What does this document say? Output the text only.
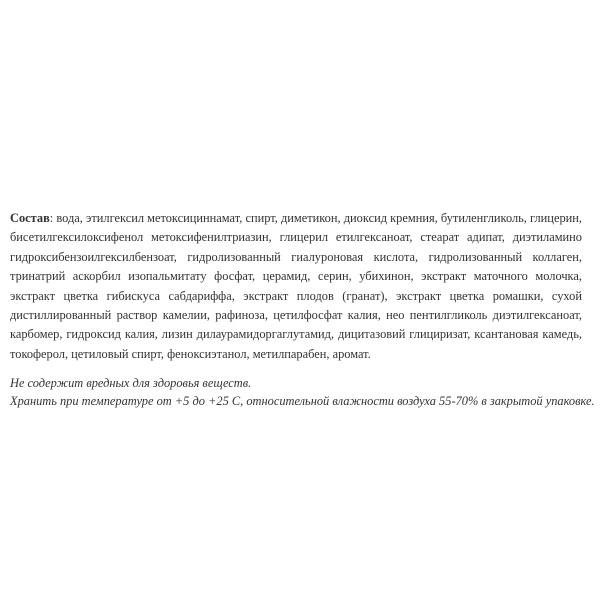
Состав: вода, этилгексил метоксициннамат, спирт, диметикон, диоксид кремния, бутиленгликоль, глицерин, бисетилгексилоксифенол метоксифенилтриазин, глицерил етилгексаноат, стеарат адипат, диэтиламино гидроксибензоилгексилбензоат, гидролизованный гиалуроновая кислота, гидролизованный коллаген, тринатрий аскорбил изопальмитату фосфат, церамид, серин, убихинон, экстракт маточного молочка, экстракт цветка гибискуса сабдариффа, экстракт плодов (гранат), экстракт цветка ромашки, сухой дистиллированный раствор камелии, рафиноза, цетилфосфат калия, нео пентилгликоль диэтилгексаноат, карбомер, гидроксид калия, лизин дилаурамидоргаглутамид, дицитазовий глициризат, ксантановая камедь, токоферол, цетиловый спирт, феноксиэтанол, метилпарабен, аромат.

Не содержит вредных для здоровья веществ.

Хранить при температуре от +5 до +25 С, относительной влажности воздуха 55-70% в закрытой упаковке.
